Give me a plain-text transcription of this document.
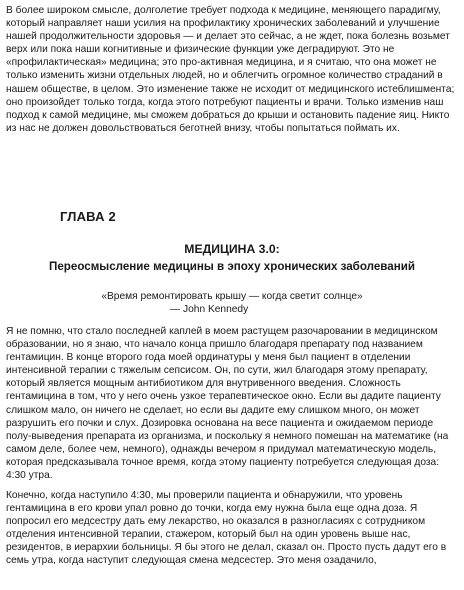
В более широком смысле, долголетие требует подхода к медицине, меняющего парадигму, который направляет наши усилия на профилактику хронических заболеваний и улучшение нашей продолжительности здоровья — и делает это сейчас, а не ждет, пока болезнь возьмет верх или пока наши когнитивные и физические функции уже деградируют. Это не «профилактическая» медицина; это про-активная медицина, и я считаю, что она может не только изменить жизни отдельных людей, но и облегчить огромное количество страданий в нашем обществе, в целом. Это изменение также не исходит от медицинского истеблишмента; оно произойдет только тогда, когда этого потребуют пациенты и врачи. Только изменив наш подход к самой медицине, мы сможем добраться до крыши и остановить падение яиц. Никто из нас не должен довольствоваться беготней внизу, чтобы попытаться поймать их.

ГЛАВА 2
МЕДИЦИНА 3.0:
Переосмысление медицины в эпоху хронических заболеваний

«Время ремонтировать крышу — когда светит солнце»

— John Kennedy

Я не помню, что стало последней каплей в моем растущем разочаровании в медицинском образовании, но я знаю, что начало конца пришло благодаря препарату под названием гентамицин. В конце второго года моей ординатуры у меня был пациент в отделении интенсивной терапии с тяжелым сепсисом. Он, по сути, жил благодаря этому препарату, который является мощным антибиотиком для внутривенного введения. Сложность гентамицина в том, что у него очень узкое терапевтическое окно. Если вы дадите пациенту слишком мало, он ничего не сделает, но если вы дадите ему слишком много, он может разрушить его почки и слух. Дозировка основана на весе пациента и ожидаемом периоде полу-выведения препарата из организма, и поскольку я немного помешан на математике (на самом деле, более чем, немного), однажды вечером я придумал математическую модель, которая предсказывала точное время, когда этому пациенту потребуется следующая доза: 4:30 утра.

Конечно, когда наступило 4:30, мы проверили пациента и обнаружили, что уровень гентамицина в его крови упал ровно до точки, когда ему нужна была еще одна доза. Я попросил его медсестру дать ему лекарство, но оказался в разногласиях с сотрудником отделения интенсивной терапии, стажером, который был на один уровень выше нас, резидентов, в иерархии больницы. Я бы этого не делал, сказал он. Просто пусть дадут его в семь утра, когда наступит следующая смена медсестер. Это меня озадачило,
